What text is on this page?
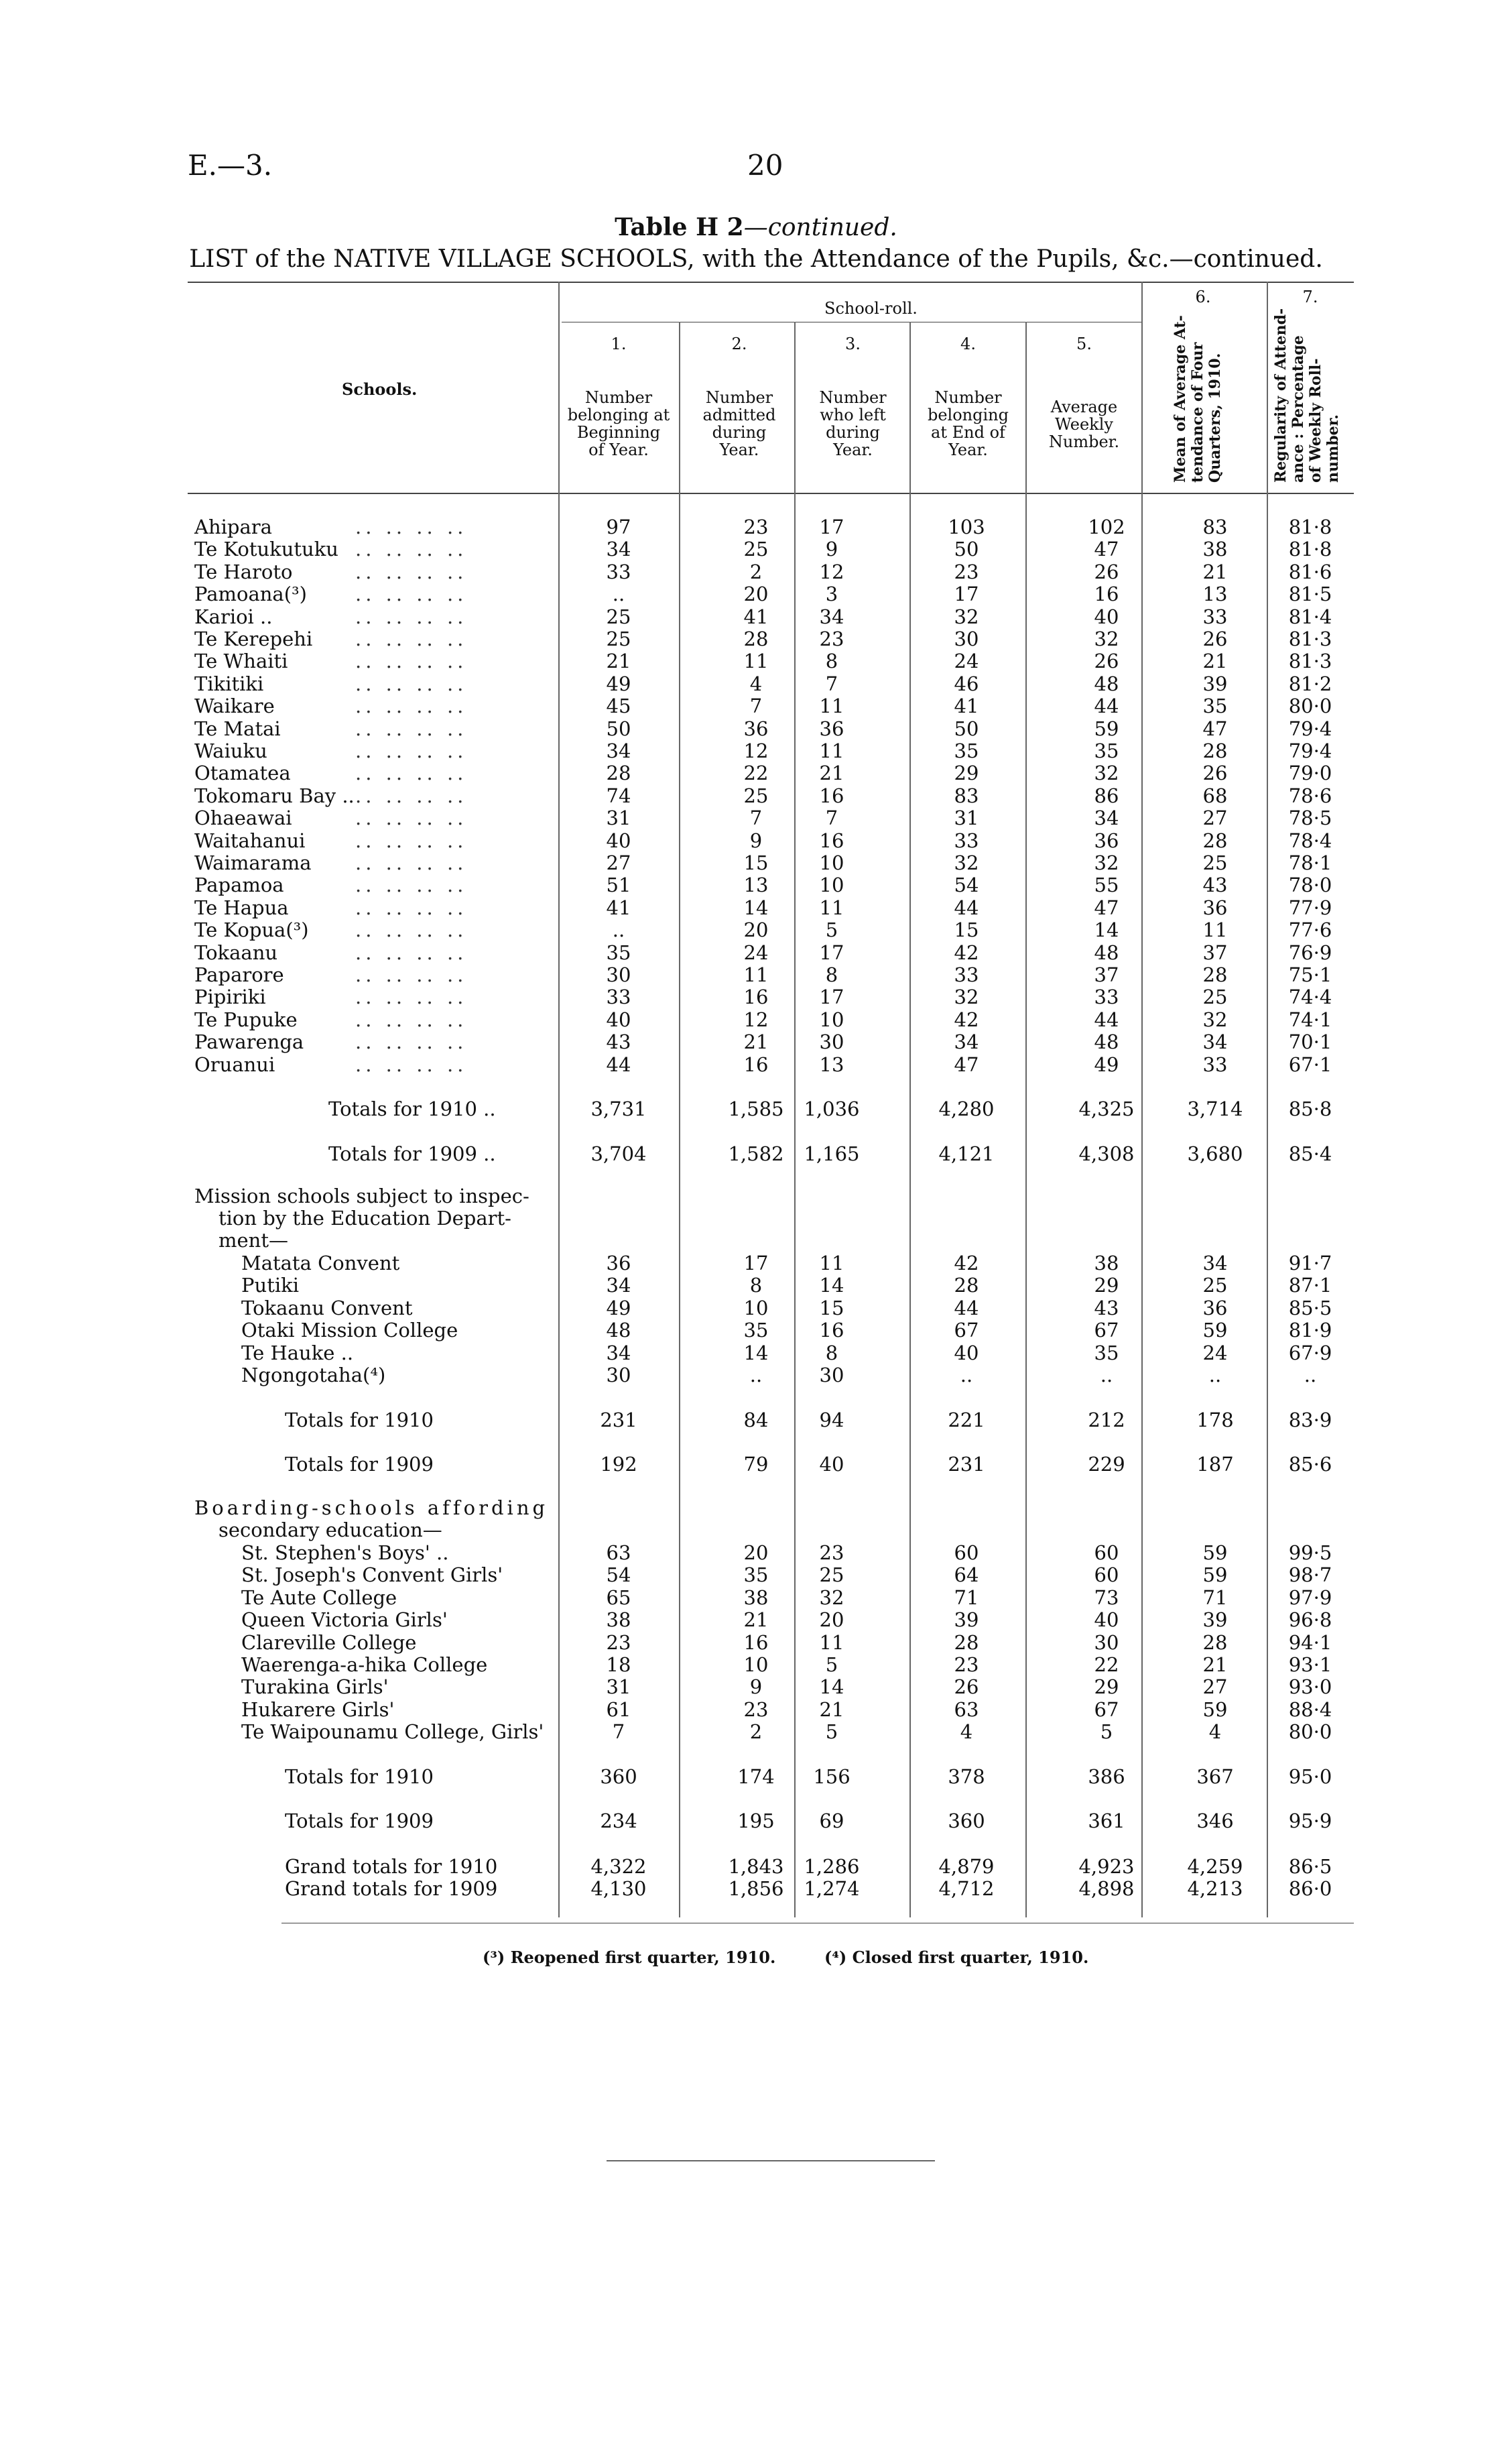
E.—3.	20
Table H 2—continued.
LIST of the NATIVE VILLAGE SCHOOLS, with the Attendance of the Pupils, &c.—continued.
Schools.
School-roll.
1.	2.	3.	4.	5.
6.	7.
Number
belonging at
Beginning
of Year.
Number
admitted
during
Year.
Number
who left
during
Year.
Number
belonging
at End of
Year.
Average
Weekly
Number.	Mean of Average At- tendance of Four Quarters, 1910.	Regularity of Attend- ance : Percentage of Weekly Roll- number.
Mission schools subject to inspec-
tion by the Education Depart-
ment—
Boarding-schools affording
secondary education—
Ahipara	.. .. .. ..	97	23	17	103	102	83	81·8
Te Kotukutuku .. .. .. ..	34	25	9	50	47	38	81·8
Te Haroto	.. .. .. ..	33	2	12	23	26	21	81·6
Pamoana(³) .. .. .. ..	..	20	3	17	16	13	81·5
Karioi ..	.. .. .. ..	25	41	34	32	40	33	81·4
Te Kerepehi .. .. .. ..	25	28	23	30	32	26	81·3
Te Whaiti	.. .. .. ..	21	11	8	24	26	21	81·3
Tikitiki	.. .. .. ..	49	4	7	46	48	39	81·2
Waikare	.. .. .. ..	45	7	11	41	44	35	80·0
Te Matai	.. .. .. ..	50	36	36	50	59	47	79·4
Waiuku	.. .. .. ..	34	12	11	35	35	28	79·4
Otamatea	.. .. .. ..	28	22	21	29	32	26	79·0
Tokomaru Bay .. .. .. .. ..	74	25	16	83	86	68	78·6
Ohaeawai	.. .. .. ..	31	7	7	31	34	27	78·5
Waitahanui	.. .. .. ..	40	9	16	33	36	28	78·4
Waimarama .. .. .. ..	27	15	10	32	32	25	78·1
Papamoa	.. .. .. ..	51	13	10	54	55	43	78·0
Te Hapua	.. .. .. ..	41	14	11	44	47	36	77·9
Te Kopua(³) .. .. .. ..	..	20	5	15	14	11	77·6
Tokaanu	.. .. .. ..	35	24	17	42	48	37	76·9
Paparore	.. .. .. ..	30	11	8	33	37	28	75·1
Pipiriki	.. .. .. ..	33	16	17	32	33	25	74·4
Te Pupuke	.. .. .. ..	40	12	10	42	44	32	74·1
Pawarenga	.. .. .. ..	43	21	30	34	48	34	70·1
Oruanui	.. .. .. ..	44	16	13	47	49	33	67·1
Totals for 1910 ..	3,731	1,585	1,036	4,280	4,325	3,714	85·8
Totals for 1909 ..	3,704	1,582	1,165	4,121	4,308	3,680	85·4
Matata Convent	36	17	11	42	38	34	91·7
Putiki	34	8	14	28	29	25	87·1
Tokaanu Convent	49	10	15	44	43	36	85·5
Otaki Mission College	48	35	16	67	67	59	81·9
Te Hauke ..	34	14	8	40	35	24	67·9
Ngongotaha(⁴)	30	..	30	..	..	..	..
Totals for 1910	231	84	94	221	212	178	83·9
Totals for 1909	192	79	40	231	229	187	85·6
St. Stephen's Boys' ..	63	20	23	60	60	59	99·5
St. Joseph's Convent Girls'	54	35	25	64	60	59	98·7
Te Aute College	65	38	32	71	73	71	97·9
Queen Victoria Girls'	38	21	20	39	40	39	96·8
Clareville College	23	16	11	28	30	28	94·1
Waerenga-a-hika College	18	10	5	23	22	21	93·1
Turakina Girls'	31	9	14	26	29	27	93·0
Hukarere Girls'	61	23	21	63	67	59	88·4
Te Waipounamu College, Girls'	7	2	5	4	5	4	80·0
Totals for 1910	360	174	156	378	386	367	95·0
Totals for 1909	234	195	69	360	361	346	95·9
Grand totals for 1910	4,322	1,843	1,286	4,879	4,923	4,259	86·5
Grand totals for 1909	4,130	1,856	1,274	4,712	4,898	4,213	86·0
(³) Reopened first quarter, 1910.	(⁴) Closed first quarter, 1910.
